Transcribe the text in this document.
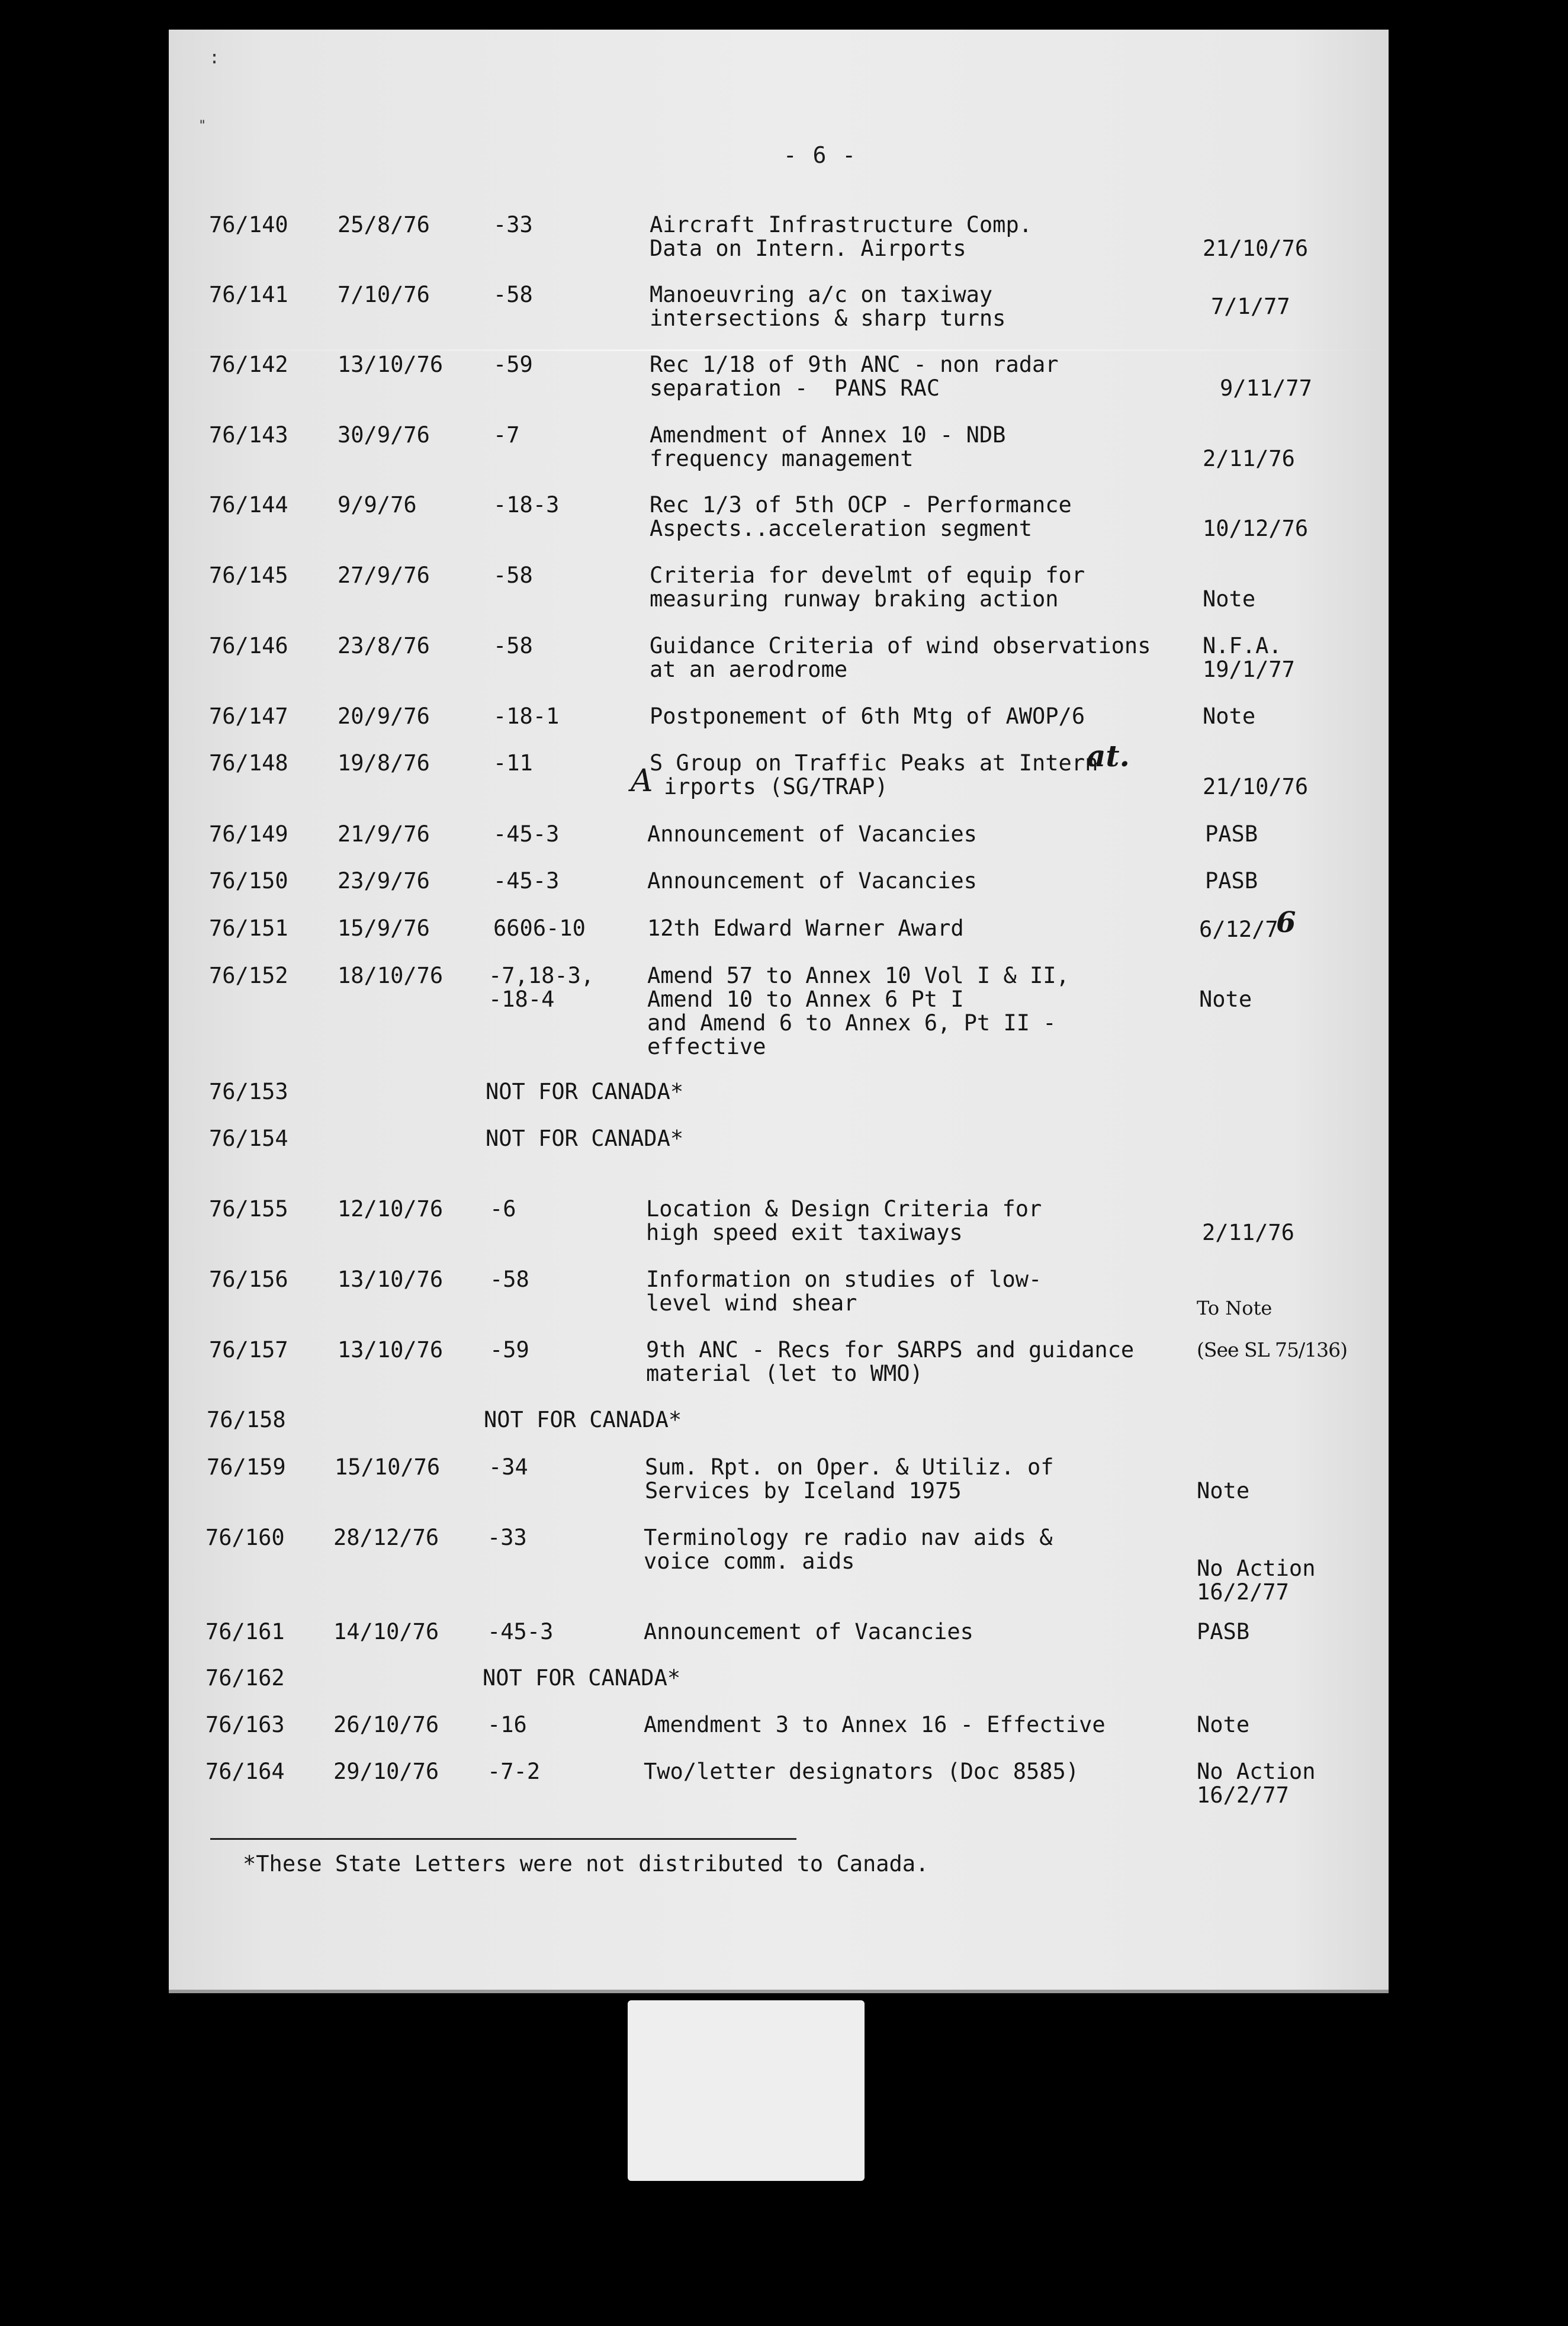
:
"
- 6 -
76/140 25/8/76	-33	Aircraft Infrastructure Comp.
Data on Intern. Airports	21/10/76
76/141 7/10/76	-58	Manoeuvring a/c on taxiway
intersections & sharp turns	7/1/77
76/142 13/10/76 -59	Rec 1/18 of 9th ANC - non radar
separation -  PANS RAC	9/11/77
76/143 30/9/76	-7	Amendment of Annex 10 - NDB
frequency management	2/11/76
76/144 9/9/76	-18-3	Rec 1/3 of 5th OCP - Performance
Aspects..acceleration segment	10/12/76
76/145 27/9/76	-58	Criteria for develmt of equip for
measuring runway braking action	Note
76/146 23/8/76	-58	Guidance Criteria of wind observations
at an aerodrome
N.F.A.
19/1/77
76/147 20/9/76	-18-1	Postponement of 6th Mtg of AWOP/6	Note
76/148 19/8/76	-11	S Group on Traffic Peaks at Intern
at.
A irports (SG/TRAP)	21/10/76
76/149 21/9/76	-45-3	Announcement of Vacancies	PASB
76/150 23/9/76	-45-3	Announcement of Vacancies	PASB
76/151 15/9/76	6606-10	12th Edward Warner Award	6/12/7
6
76/152 18/10/76 -7,18-3,
-18-4
Amend 57 to Annex 10 Vol I & II,
Amend 10 to Annex 6 Pt I
and Amend 6 to Annex 6, Pt II -
effective
Note
76/153	NOT FOR CANADA*
76/154	NOT FOR CANADA*
76/155 12/10/76 -6	Location & Design Criteria for
high speed exit taxiways	2/11/76
76/156 13/10/76 -58	Information on studies of low-
level wind shear	To Note
76/157 13/10/76 -59	9th ANC - Recs for SARPS and guidance
material (let to WMO)
(See SL 75/136)
76/158	NOT FOR CANADA*
76/159 15/10/76 -34	Sum. Rpt. on Oper. & Utiliz. of
Services by Iceland 1975	Note
76/160 28/12/76 -33	Terminology re radio nav aids &
voice comm. aids	No Action
16/2/77
76/161 14/10/76 -45-3	Announcement of Vacancies	PASB
76/162	NOT FOR CANADA*
76/163 26/10/76 -16	Amendment 3 to Annex 16 - Effective	Note
76/164 29/10/76 -7-2	Two/letter designators (Doc 8585)	No Action
16/2/77
*These State Letters were not distributed to Canada.
